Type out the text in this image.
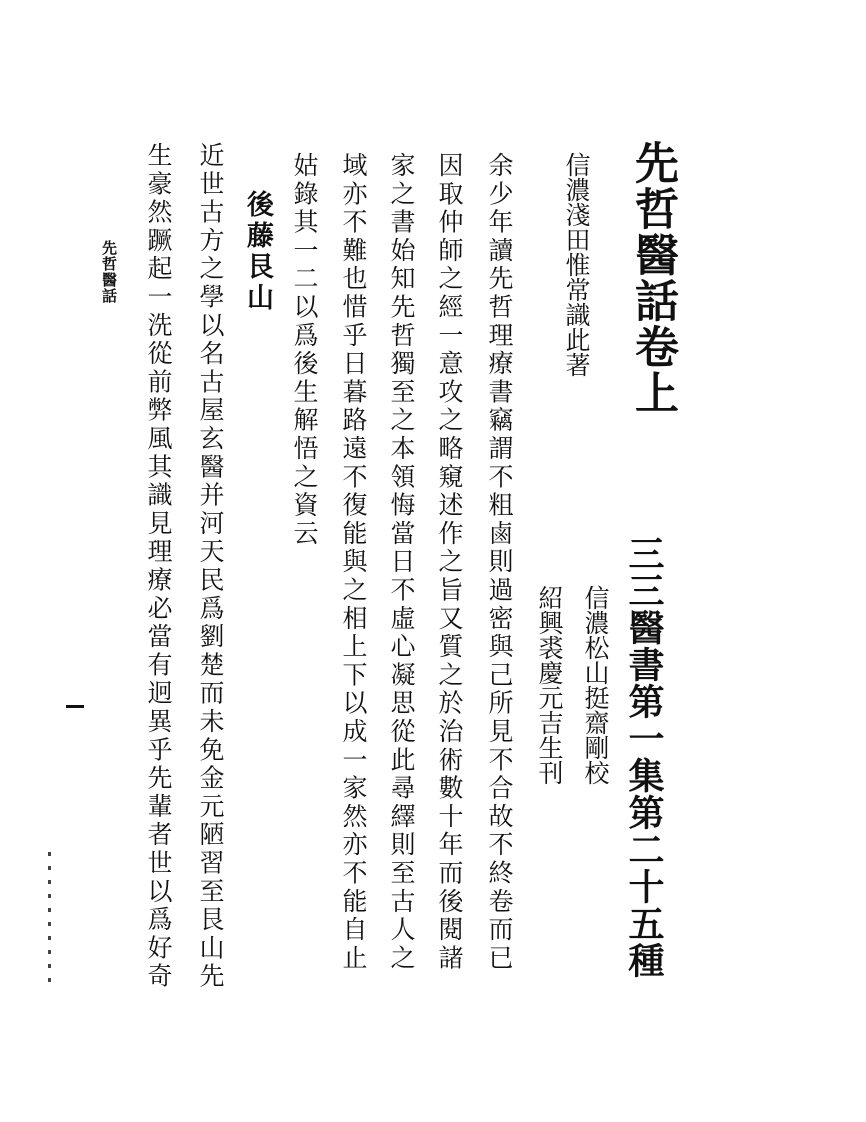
先哲醫話卷上
三三醫書第一集第二十五種
信濃松山挺齋剛校
紹興裘慶元吉生刊
信濃淺田惟常識此著
余少年讀先哲理療書竊謂不粗鹵則過密與己所見不合故不終卷而已
因取仲師之經一意攻之略窺述作之旨又質之於治術數十年而後閱諸
家之書始知先哲獨至之本領悔當日不虛心凝思從此尋繹則至古人之
域亦不難也惜乎日暮路遠不復能與之相上下以成一家然亦不能自止
姑錄其一二以爲後生解悟之資云
後藤艮山
近世古方之學以名古屋玄醫并河天民爲劉楚而未免金元陋習至艮山先
生豪然蹶起一洗從前弊風其識見理療必當有迥異乎先輩者世以爲好奇
先哲醫話
